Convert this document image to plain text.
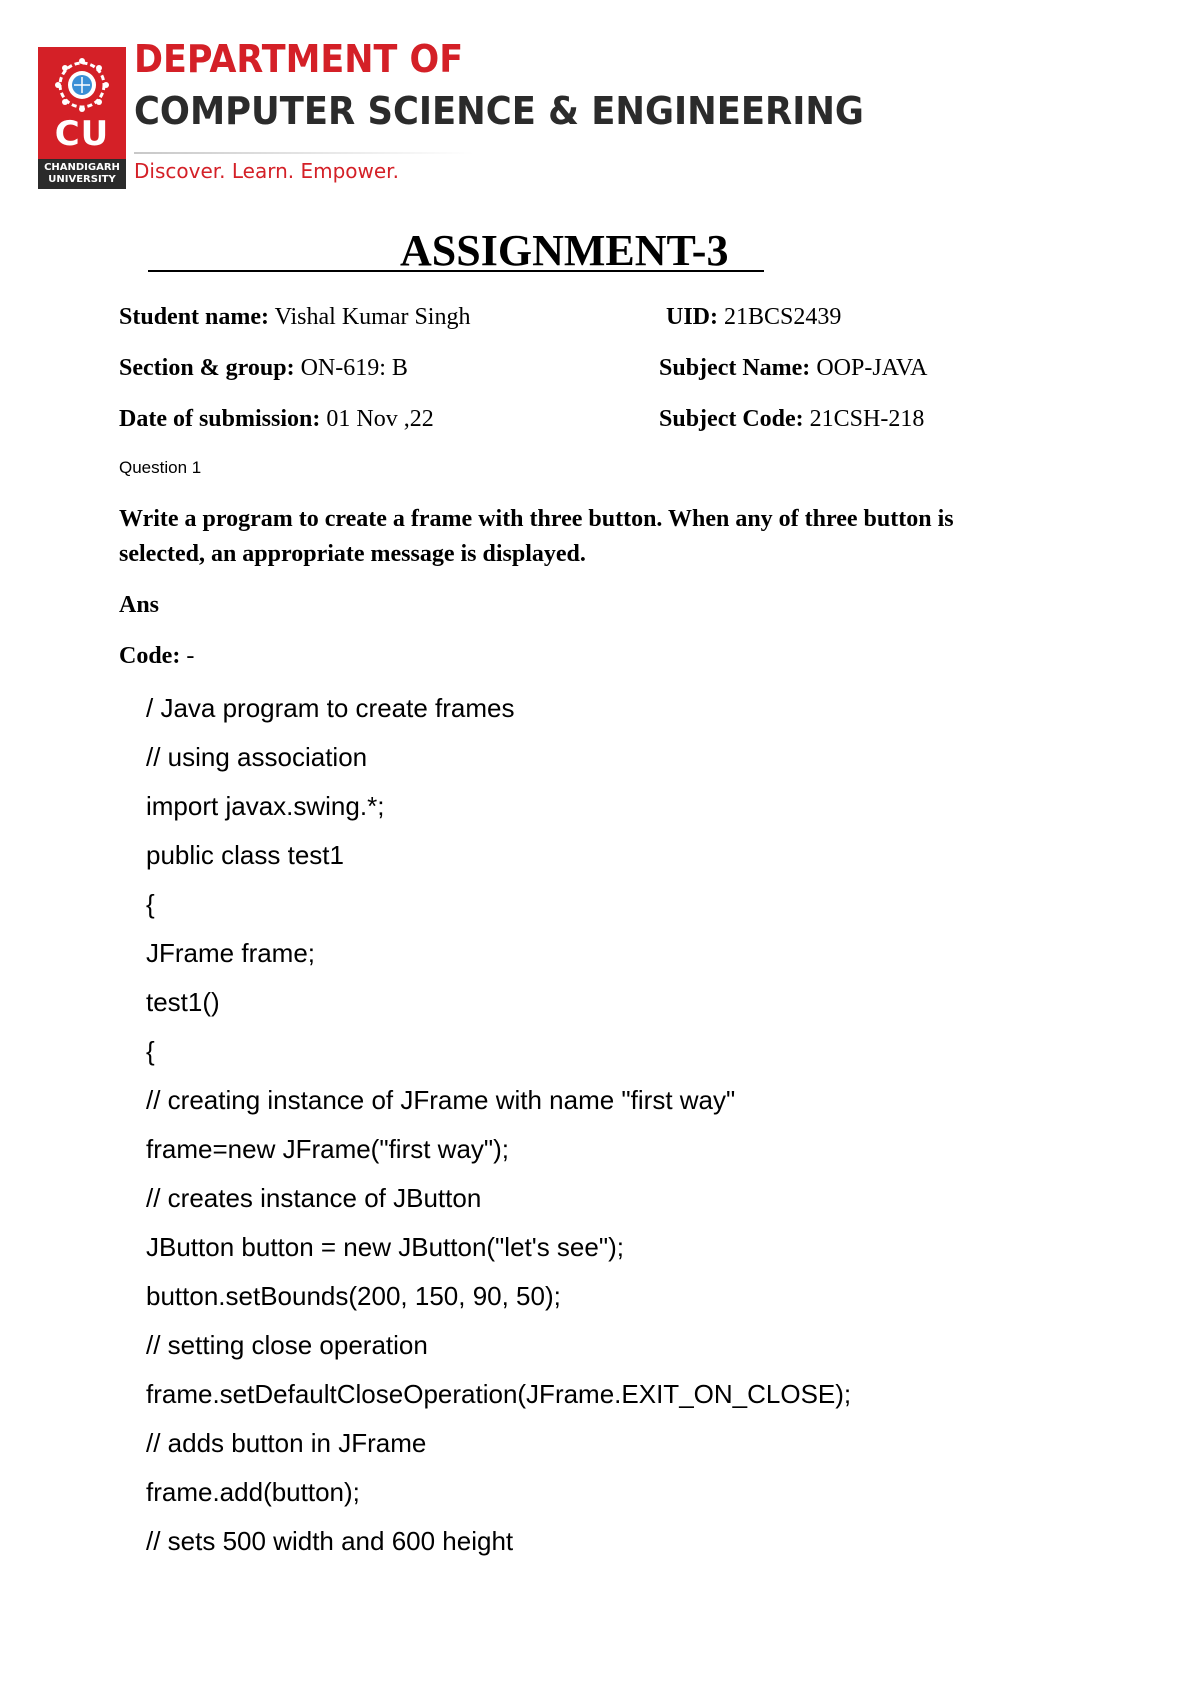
CU
CHANDIGARH
UNIVERSITY
DEPARTMENT OF
COMPUTER SCIENCE & ENGINEERING
Discover. Learn. Empower.
ASSIGNMENT-3
Student name: Vishal Kumar Singh	UID: 21BCS2439
Section & group: ON-619: B	Subject Name: OOP-JAVA
Date of submission: 01 Nov ,22	Subject Code: 21CSH-218
Question 1
Write a program to create a frame with three button. When any of three button is selected, an appropriate message is displayed.
Ans
Code: -
/ Java program to create frames
// using association
import javax.swing.*;
public class test1
{
JFrame frame;
test1()
{
// creating instance of JFrame with name "first way"
frame=new JFrame("first way");
// creates instance of JButton
JButton button = new JButton("let's see");
button.setBounds(200, 150, 90, 50);
// setting close operation
frame.setDefaultCloseOperation(JFrame.EXIT_ON_CLOSE);
// adds button in JFrame
frame.add(button);
// sets 500 width and 600 height
